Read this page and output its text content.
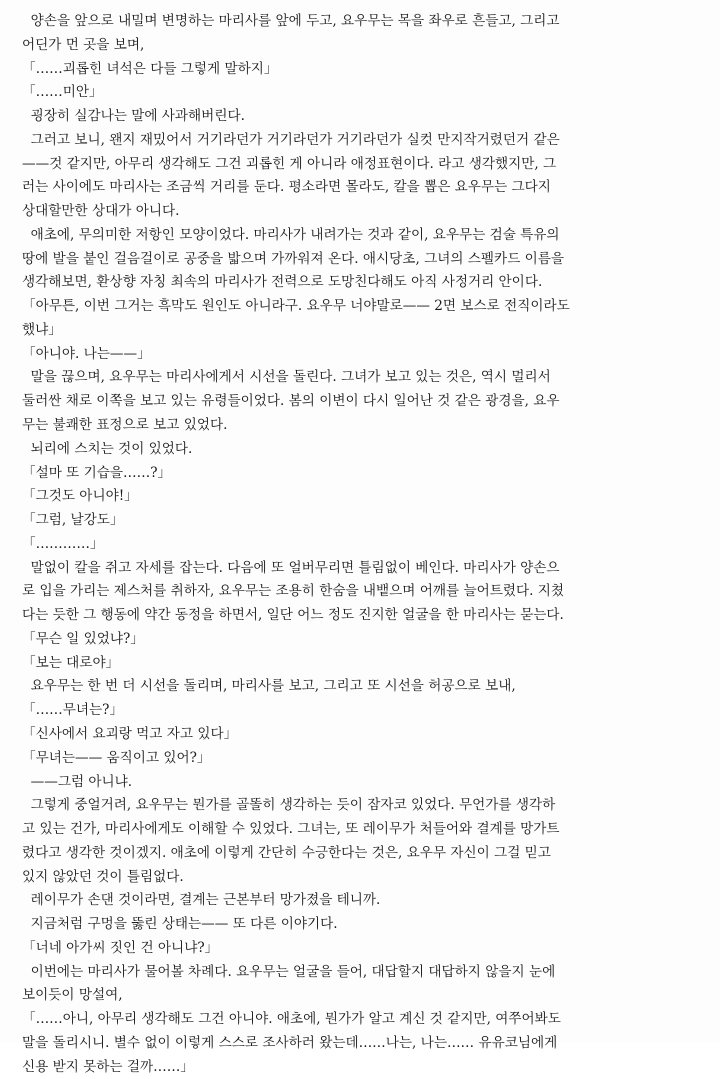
양손을 앞으로 내밀며 변명하는 마리사를 앞에 두고, 요우무는 목을 좌우로 흔들고, 그리고
어딘가 먼 곳을 보며,
「……괴롭힌 녀석은 다들 그렇게 말하지」
「……미안」
굉장히 실감나는 말에 사과해버린다.
그러고 보니, 왠지 재밌어서 거기라던가 거기라던가 거기라던가 실컷 만지작거렸던거 같은
——것 같지만, 아무리 생각해도 그건 괴롭힌 게 아니라 애정표현이다. 라고 생각했지만, 그
러는 사이에도 마리사는 조금씩 거리를 둔다. 평소라면 몰라도, 칼을 뽑은 요우무는 그다지
상대할만한 상대가 아니다.
애초에, 무의미한 저항인 모양이었다. 마리사가 내려가는 것과 같이, 요우무는 검술 특유의
땅에 발을 붙인 걸음걸이로 공중을 밟으며 가까워져 온다. 애시당초, 그녀의 스펠카드 이름을
생각해보면, 환상향 자칭 최속의 마리사가 전력으로 도망친다해도 아직 사정거리 안이다.
「아무튼, 이번 그거는 흑막도 원인도 아니라구. 요우무 너야말로—— 2면 보스로 전직이라도
했냐」
「아니야. 나는——」
말을 끊으며, 요우무는 마리사에게서 시선을 돌린다. 그녀가 보고 있는 것은, 역시 멀리서
둘러싼 채로 이쪽을 보고 있는 유령들이었다. 봄의 이변이 다시 일어난 것 같은 광경을, 요우
무는 불쾌한 표정으로 보고 있었다.
뇌리에 스치는 것이 있었다.
「설마 또 기습을……?」
「그것도 아니야!」
「그럼, 날강도」
「…………」
말없이 칼을 쥐고 자세를 잡는다. 다음에 또 얼버무리면 틀림없이 베인다. 마리사가 양손으
로 입을 가리는 제스처를 취하자, 요우무는 조용히 한숨을 내뱉으며 어깨를 늘어트렸다. 지쳤
다는 듯한 그 행동에 약간 동정을 하면서, 일단 어느 정도 진지한 얼굴을 한 마리사는 묻는다.
「무슨 일 있었냐?」
「보는 대로야」
요우무는 한 번 더 시선을 돌리며, 마리사를 보고, 그리고 또 시선을 허공으로 보내,
「……무녀는?」
「신사에서 요괴랑 먹고 자고 있다」
「무녀는—— 움직이고 있어?」
——그럼 아니냐.
그렇게 중얼거려, 요우무는 뭔가를 골똘히 생각하는 듯이 잠자코 있었다. 무언가를 생각하
고 있는 건가, 마리사에게도 이해할 수 있었다. 그녀는, 또 레이무가 처들어와 결계를 망가트
렸다고 생각한 것이겠지. 애초에 이렇게 간단히 수긍한다는 것은, 요우무 자신이 그걸 믿고
있지 않았던 것이 틀림없다.
레이무가 손댄 것이라면, 결계는 근본부터 망가졌을 테니까.
지금처럼 구멍을 뚫린 상태는—— 또 다른 이야기다.
「너네 아가씨 짓인 건 아니냐?」
이번에는 마리사가 물어볼 차례다. 요우무는 얼굴을 들어, 대답할지 대답하지 않을지 눈에
보이듯이 망설여,
「……아니, 아무리 생각해도 그건 아니야. 애초에, 뭔가가 알고 계신 것 같지만, 여쭈어봐도
말을 돌리시니. 별수 없이 이렇게 스스로 조사하러 왔는데……나는, 나는…… 유유코님에게
신용 받지 못하는 걸까……」
